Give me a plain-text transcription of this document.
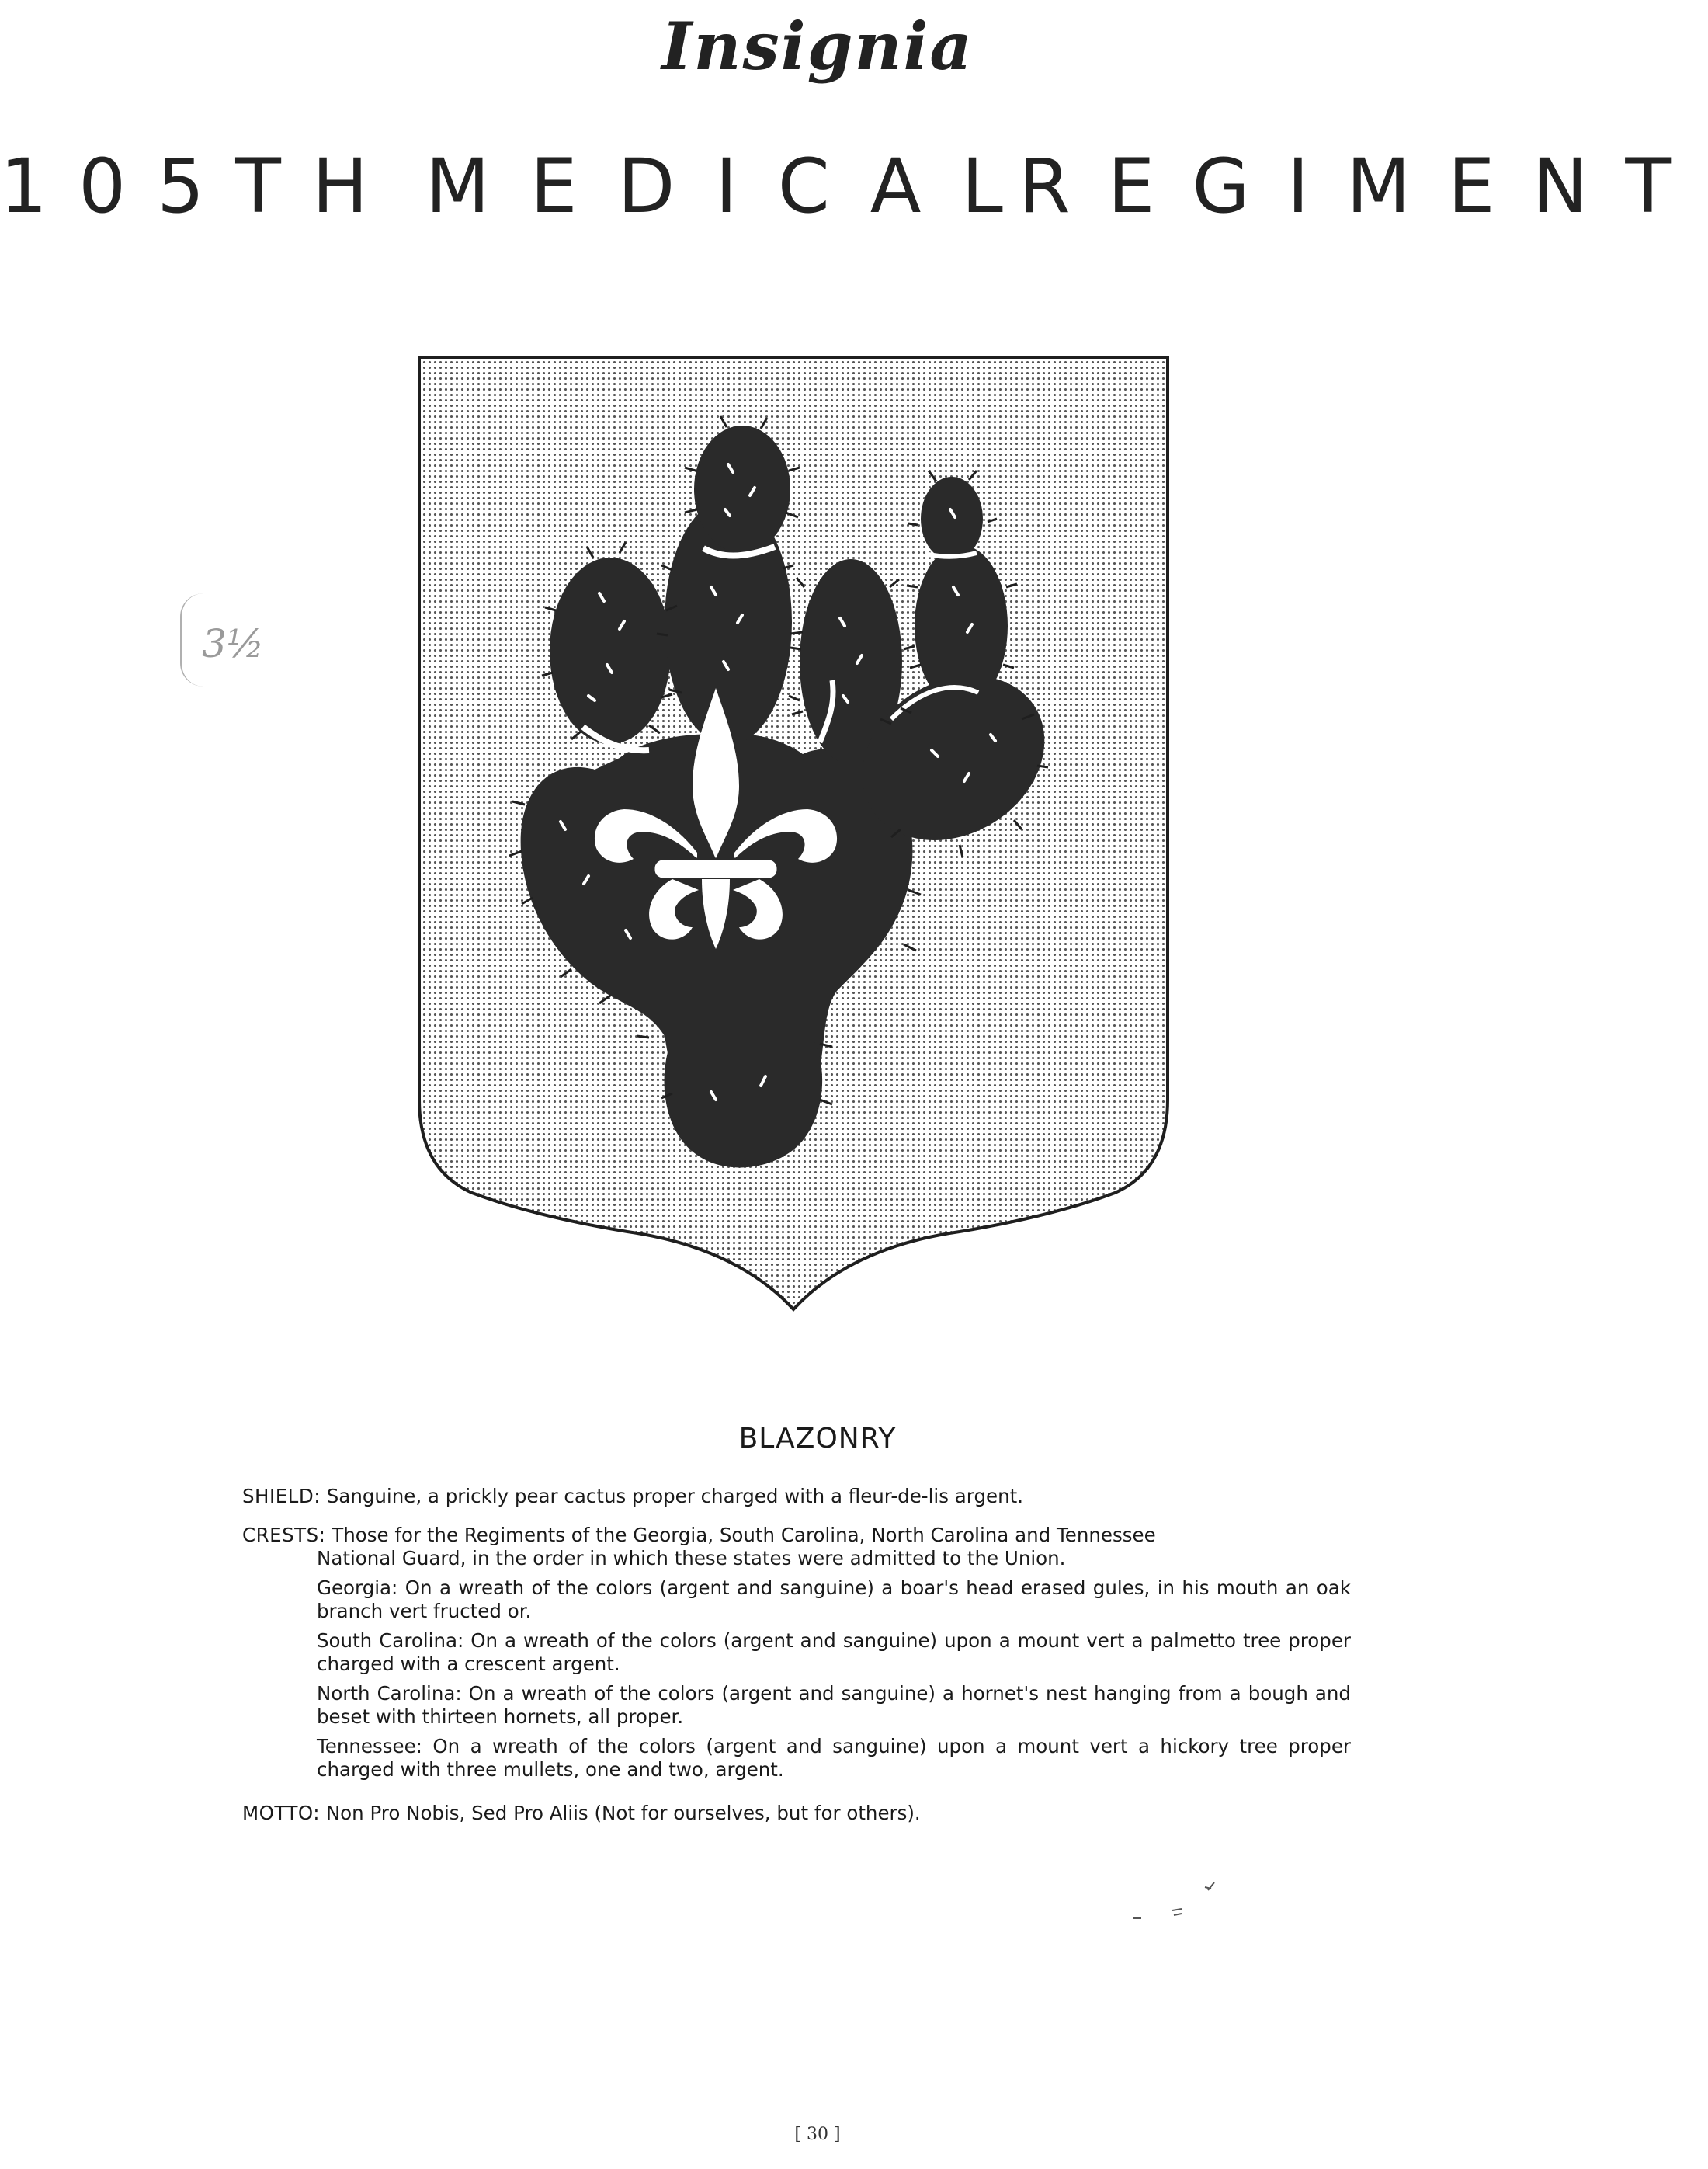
Insignia
105TH MEDICAL
REGIMENT
3½
BLAZONRY

SHIELD: Sanguine, a prickly pear cactus proper charged with a fleur-de-lis argent.

CRESTS: Those for the Regiments of the Georgia, South Carolina, North Carolina and Tennessee

National Guard, in the order in which these states were admitted to the Union.

Georgia: On a wreath of the colors (argent and sanguine) a boar's head erased gules, in his mouth an oak branch vert fructed or.

South Carolina: On a wreath of the colors (argent and sanguine) upon a mount vert a palmetto tree proper charged with a crescent argent.

North Carolina: On a wreath of the colors (argent and sanguine) a hornet's nest hanging from a bough and beset with thirteen hornets, all proper.

Tennessee: On a wreath of the colors (argent and sanguine) upon a mount vert a hickory tree proper charged with three mullets, one and two, argent.

MOTTO: Non Pro Nobis, Sed Pro Aliis (Not for ourselves, but for others).

[ 30 ]
